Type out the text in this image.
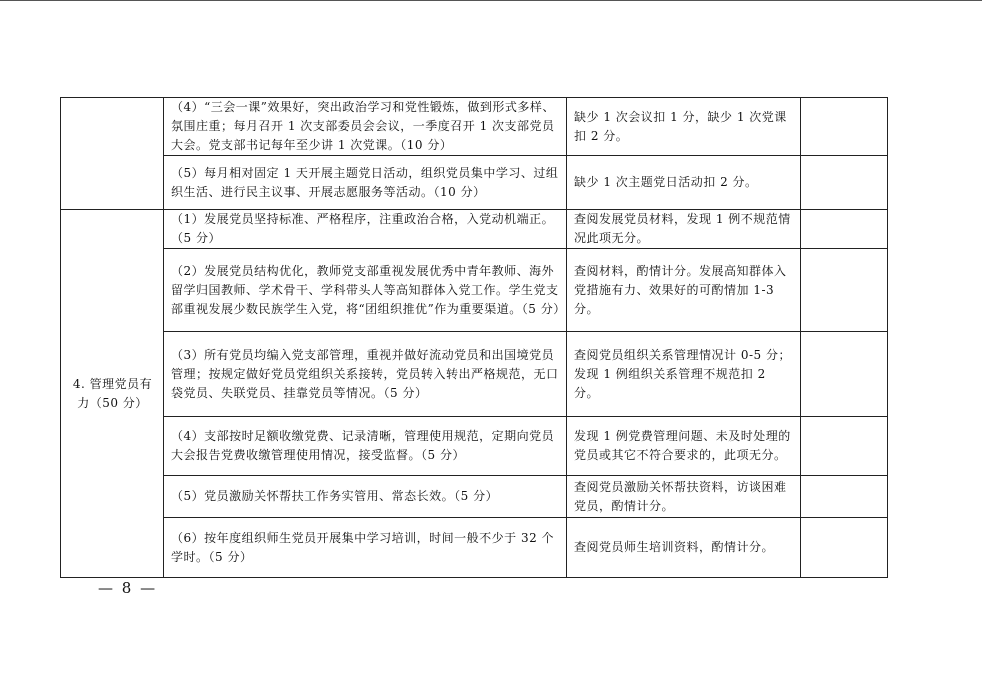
	（4）“三会一课”效果好，突出政治学习和党性锻炼，做到形式多样、氛围庄重；每月召开 1 次支部委员会会议，一季度召开 1 次支部党员大会。党支部书记每年至少讲 1 次党课。（10 分）	缺少 1 次会议扣 1 分，缺少 1 次党课扣 2 分。	
	（5）每月相对固定 1 天开展主题党日活动，组织党员集中学习、过组织生活、进行民主议事、开展志愿服务等活动。（10 分）	缺少 1 次主题党日活动扣 2 分。	
4. 管理党员有力（50 分）	（1）发展党员坚持标准、严格程序，注重政治合格，入党动机端正。（5 分）	查阅发展党员材料，发现 1 例不规范情况此项无分。	
	（2）发展党员结构优化，教师党支部重视发展优秀中青年教师、海外留学归国教师、学术骨干、学科带头人等高知群体入党工作。学生党支部重视发展少数民族学生入党，将“团组织推优”作为重要渠道。（5 分）	查阅材料，酌情计分。发展高知群体入党措施有力、效果好的可酌情加 1-3 分。	
	（3）所有党员均编入党支部管理，重视并做好流动党员和出国境党员管理；按规定做好党员党组织关系接转，党员转入转出严格规范，无口袋党员、失联党员、挂靠党员等情况。（5 分）	查阅党员组织关系管理情况计 0-5 分；发现 1 例组织关系管理不规范扣 2 分。	
	（4）支部按时足额收缴党费、记录清晰，管理使用规范，定期向党员大会报告党费收缴管理使用情况，接受监督。（5 分）	发现 1 例党费管理问题、未及时处理的党员或其它不符合要求的，此项无分。	
	（5）党员激励关怀帮扶工作务实管用、常态长效。（5 分）	查阅党员激励关怀帮扶资料，访谈困难党员，酌情计分。	
	（6）按年度组织师生党员开展集中学习培训，时间一般不少于 32 个学时。（5 分）	查阅党员师生培训资料，酌情计分。	
— 8 —
